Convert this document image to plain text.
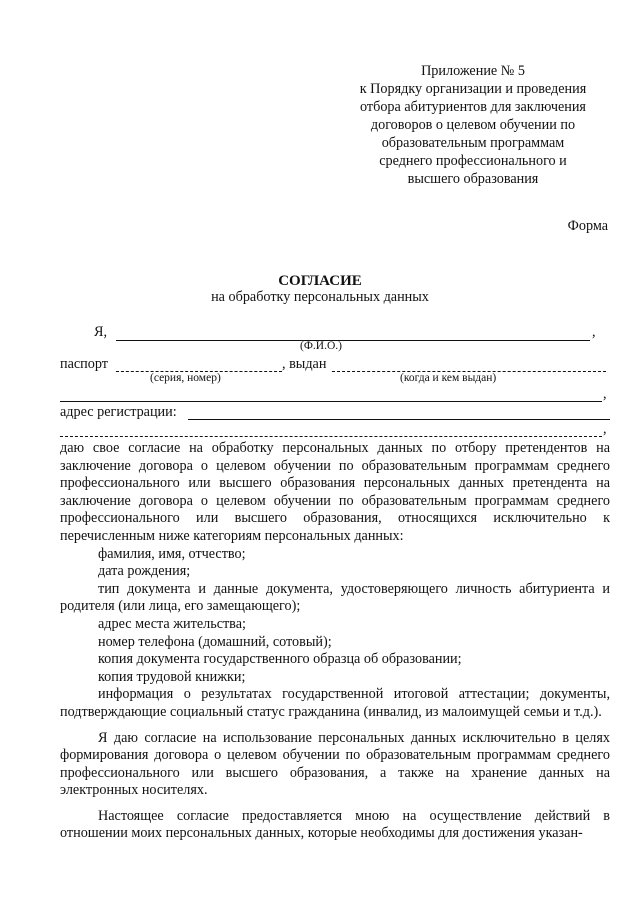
Приложение № 5
к Порядку организации и проведения
отбора абитуриентов для заключения
договоров о целевом обучении по
образовательным программам
среднего профессионального и
высшего образования
Форма
СОГЛАСИЕ
на обработку персональных данных
Я,	,
(Ф.И.О.)
паспорт	, выдан
(серия, номер)	(когда и кем выдан)
,
адрес регистрации:
,

даю свое согласие на обработку персональных данных по отбору претендентов на заключение договора о целевом обучении по образовательным программам среднего профессионального или высшего образования персональных данных претендента на заключение договора о целевом обучении по образовательным программам среднего профессионального или высшего образования, относящихся исключительно к перечисленным ниже категориям персональных данных:

фамилия, имя, отчество;

дата рождения;

тип документа и данные документа, удостоверяющего личность абитуриента и родителя (или лица, его замещающего);

адрес места жительства;

номер телефона (домашний, сотовый);

копия документа государственного образца об образовании;

копия трудовой книжки;

информация о результатах государственной итоговой аттестации; документы, подтверждающие социальный статус гражданина (инвалид, из малоимущей семьи и т.д.).

Я даю согласие на использование персональных данных исключительно в целях формирования договора о целевом обучении по образовательным программам среднего профессионального или высшего образования, а также на хранение данных на электронных носителях.

Настоящее согласие предоставляется мною на осуществление действий в отношении моих персональных данных, которые необходимы для достижения указан-
